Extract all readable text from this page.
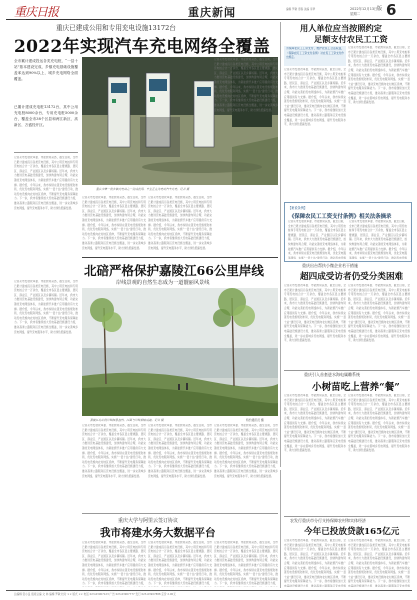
重庆日报	2022年12月13日
星期二
版 6
重庆新闻	编辑 罗敏 谭春 美编 李梦
重庆已建成公用和专用充电设施13172台
2022年实现汽车充电网络全覆盖
全市累计建成投运各类充电桩，“一县十站”基本建设完成，乡镇充电基础设施覆盖率达到90%以上，城乡充电网络全面覆盖。
已累计建成充电桩13172台，其中公用充电桩8000余台，专用充电桩5000余台，覆盖全市38个区县和两江新区、高新区、万盛经开区。
重庆市第一批乡镇充电站之一建成投用，车主正在为电动汽车充电。记者 摄
记者从市发展改革委、市能源局获悉，截至目前，全市已累计建成投运各类充电设施，其中公用充电桩和专用充电桩合计一万余台，覆盖全市各区县主要道路、居民区、商业区、产业园区以及乡镇场镇。近年来，我市大力推进充电基础设施建设，加快构建布局合理、功能完善的充电网络体系，为新能源汽车推广应用提供有力支撑。据介绍，今年以来，我市持续完善充电设施规划布局，优化充电服务网络，实施“一县十站”建设行动，推动充电设施向农村地区延伸，不断提升充电服务保障能力。下一步，我市将继续加大充电基础设施建设力度，推动高速公路服务区充电设施全覆盖，进一步完善城乡充电网络，提升充电服务水平，助力绿色低碳发展。
记者从市发展改革委、市能源局获悉，截至目前，全市已累计建成投运各类充电设施，其中公用充电桩和专用充电桩合计一万余台，覆盖全市各区县主要道路、居民区、商业区、产业园区以及乡镇场镇。近年来，我市大力推进充电基础设施建设，加快构建布局合理、功能完善的充电网络体系，为新能源汽车推广应用提供有力支撑。据介绍，今年以来，我市持续完善充电设施规划布局，优化充电服务网络，实施“一县十站”建设行动，推动充电设施向农村地区延伸，不断提升充电服务保障能力。下一步，我市将继续加大充电基础设施建设力度，推动高速公路服务区充电设施全覆盖，进一步完善城乡充电网络，提升充电服务水平，助力绿色低碳发展。
记者从市发展改革委、市能源局获悉，截至目前，全市已累计建成投运各类充电设施，其中公用充电桩和专用充电桩合计一万余台，覆盖全市各区县主要道路、居民区、商业区、产业园区以及乡镇场镇。近年来，我市大力推进充电基础设施建设，加快构建布局合理、功能完善的充电网络体系，为新能源汽车推广应用提供有力支撑。据介绍，今年以来，我市持续完善充电设施规划布局，优化充电服务网络，实施“一县十站”建设行动，推动充电设施向农村地区延伸，不断提升充电服务保障能力。下一步，我市将继续加大充电基础设施建设力度，推动高速公路服务区充电设施全覆盖，进一步完善城乡充电网络，提升充电服务水平，助力绿色低碳发展。
记者从市发展改革委、市能源局获悉，截至目前，全市已累计建成投运各类充电设施，其中公用充电桩和专用充电桩合计一万余台，覆盖全市各区县主要道路、居民区、商业区、产业园区以及乡镇场镇。近年来，我市大力推进充电基础设施建设，加快构建布局合理、功能完善的充电网络体系，为新能源汽车推广应用提供有力支撑。据介绍，今年以来，我市持续完善充电设施规划布局，优化充电服务网络，实施“一县十站”建设行动，推动充电设施向农村地区延伸，不断提升充电服务保障能力。下一步，我市将继续加大充电基础设施建设力度，推动高速公路服务区充电设施全覆盖，进一步完善城乡充电网络，提升充电服务水平，助力绿色低碳发展。
记者从市发展改革委、市能源局获悉，截至目前，全市已累计建成投运各类充电设施，其中公用充电桩和专用充电桩合计一万余台，覆盖全市各区县主要道路、居民区、商业区、产业园区以及乡镇场镇。近年来，我市大力推进充电基础设施建设，加快构建布局合理、功能完善的充电网络体系，为新能源汽车推广应用提供有力支撑。据介绍，今年以来，我市持续完善充电设施规划布局，优化充电服务网络，实施“一县十站”建设行动，推动充电设施向农村地区延伸，不断提升充电服务保障能力。下一步，我市将继续加大充电基础设施建设力度，推动高速公路服务区充电设施全覆盖，进一步完善城乡充电网络，提升充电服务水平，助力绿色低碳发展。
北碚严格保护嘉陵江66公里岸线
岸线景观的自然生态成为一道靓丽风景线
嘉陵江北碚段岸线绿意盎然，江面与岸线相映成趣。记者 摄	特约通讯员 摄
记者从市发展改革委、市能源局获悉，截至目前，全市已累计建成投运各类充电设施，其中公用充电桩和专用充电桩合计一万余台，覆盖全市各区县主要道路、居民区、商业区、产业园区以及乡镇场镇。近年来，我市大力推进充电基础设施建设，加快构建布局合理、功能完善的充电网络体系，为新能源汽车推广应用提供有力支撑。据介绍，今年以来，我市持续完善充电设施规划布局，优化充电服务网络，实施“一县十站”建设行动，推动充电设施向农村地区延伸，不断提升充电服务保障能力。下一步，我市将继续加大充电基础设施建设力度，推动高速公路服务区充电设施全覆盖，进一步完善城乡充电网络，提升充电服务水平，助力绿色低碳发展。
记者从市发展改革委、市能源局获悉，截至目前，全市已累计建成投运各类充电设施，其中公用充电桩和专用充电桩合计一万余台，覆盖全市各区县主要道路、居民区、商业区、产业园区以及乡镇场镇。近年来，我市大力推进充电基础设施建设，加快构建布局合理、功能完善的充电网络体系，为新能源汽车推广应用提供有力支撑。据介绍，今年以来，我市持续完善充电设施规划布局，优化充电服务网络，实施“一县十站”建设行动，推动充电设施向农村地区延伸，不断提升充电服务保障能力。下一步，我市将继续加大充电基础设施建设力度，推动高速公路服务区充电设施全覆盖，进一步完善城乡充电网络，提升充电服务水平，助力绿色低碳发展。
记者从市发展改革委、市能源局获悉，截至目前，全市已累计建成投运各类充电设施，其中公用充电桩和专用充电桩合计一万余台，覆盖全市各区县主要道路、居民区、商业区、产业园区以及乡镇场镇。近年来，我市大力推进充电基础设施建设，加快构建布局合理、功能完善的充电网络体系，为新能源汽车推广应用提供有力支撑。据介绍，今年以来，我市持续完善充电设施规划布局，优化充电服务网络，实施“一县十站”建设行动，推动充电设施向农村地区延伸，不断提升充电服务保障能力。下一步，我市将继续加大充电基础设施建设力度，推动高速公路服务区充电设施全覆盖，进一步完善城乡充电网络，提升充电服务水平，助力绿色低碳发展。
重庆大学与阿里云签订协议
我市将建水务大数据平台
记者从市发展改革委、市能源局获悉，截至目前，全市已累计建成投运各类充电设施，其中公用充电桩和专用充电桩合计一万余台，覆盖全市各区县主要道路、居民区、商业区、产业园区以及乡镇场镇。近年来，我市大力推进充电基础设施建设，加快构建布局合理、功能完善的充电网络体系，为新能源汽车推广应用提供有力支撑。据介绍，今年以来，我市持续完善充电设施规划布局，优化充电服务网络，实施“一县十站”建设行动，推动充电设施向农村地区延伸，不断提升充电服务保障能力。下一步，我市将继续加大充电基础设施建设力度，
记者从市发展改革委、市能源局获悉，截至目前，全市已累计建成投运各类充电设施，其中公用充电桩和专用充电桩合计一万余台，覆盖全市各区县主要道路、居民区、商业区、产业园区以及乡镇场镇。近年来，我市大力推进充电基础设施建设，加快构建布局合理、功能完善的充电网络体系，为新能源汽车推广应用提供有力支撑。据介绍，今年以来，我市持续完善充电设施规划布局，优化充电服务网络，实施“一县十站”建设行动，推动充电设施向农村地区延伸，不断提升充电服务保障能力。下一步，我市将继续加大充电基础设施建设力度，
记者从市发展改革委、市能源局获悉，截至目前，全市已累计建成投运各类充电设施，其中公用充电桩和专用充电桩合计一万余台，覆盖全市各区县主要道路、居民区、商业区、产业园区以及乡镇场镇。近年来，我市大力推进充电基础设施建设，加快构建布局合理、功能完善的充电网络体系，为新能源汽车推广应用提供有力支撑。据介绍，今年以来，我市持续完善充电设施规划布局，优化充电服务网络，实施“一县十站”建设行动，推动充电设施向农村地区延伸，不断提升充电服务保障能力。下一步，我市将继续加大充电基础设施建设力度，
用人单位应当按照约定
足额支付农民工工资
为保障农民工工资支付，维护农民工合法权益，《保障农民工工资支付条例》对农民工工资支付作出规定。
记者从市发展改革委、市能源局获悉，截至目前，全市已累计建成投运各类充电设施，其中公用充电桩和专用充电桩合计一万余台，覆盖全市各区县主要道路、居民区、商业区、产业园区以及乡镇场镇。近年来，我市大力推进充电基础设施建设，加快构建布局合理、功能完善的充电网络体系，为新能源汽车推广应用提供有力支撑。据介绍，今年以来，我市持续完善充电设施规划布局，优化充电服务网络，实施“一县十站”建设行动，推动充电设施向农村地区延伸，不断提升充电服务保障能力。下一步，我市将继续加大充电基础设施建设力度，推动高速公路服务区充电设施全覆盖，进一步完善城乡充电网络，提升充电服务水平，助力绿色低碳发展。
记者从市发展改革委、市能源局获悉，截至目前，全市已累计建成投运各类充电设施，其中公用充电桩和专用充电桩合计一万余台，覆盖全市各区县主要道路、居民区、商业区、产业园区以及乡镇场镇。近年来，我市大力推进充电基础设施建设，加快构建布局合理、功能完善的充电网络体系，为新能源汽车推广应用提供有力支撑。据介绍，今年以来，我市持续完善充电设施规划布局，优化充电服务网络，实施“一县十站”建设行动，推动充电设施向农村地区延伸，不断提升充电服务保障能力。下一步，我市将继续加大充电基础设施建设力度，推动高速公路服务区充电设施全覆盖，进一步完善城乡充电网络，提升充电服务水平，助力绿色低碳发展。
【案说条例】
《保障农民工工资支付条例》相关法条摘录
记者从市发展改革委、市能源局获悉，截至目前，全市已累计建成投运各类充电设施，其中公用充电桩和专用充电桩合计一万余台，覆盖全市各区县主要道路、居民区、商业区、产业园区以及乡镇场镇。近年来，我市大力推进充电基础设施建设，加快构建布局合理、功能完善的充电网络体系，为新能源汽车推广应用提供有力支撑。据介绍，今年以来，我市持续完善充电设施规划布局，优化充电服务网络，实施“一县十站”建设行动，推动充电设施
记者从市发展改革委、市能源局获悉，截至目前，全市已累计建成投运各类充电设施，其中公用充电桩和专用充电桩合计一万余台，覆盖全市各区县主要道路、居民区、商业区、产业园区以及乡镇场镇。近年来，我市大力推进充电基础设施建设，加快构建布局合理、功能完善的充电网络体系，为新能源汽车推广应用提供有力支撑。据介绍，今年以来，我市持续完善充电设施规划布局，优化充电服务网络，实施“一县十站”建设行动，推动充电设施
重庆出台帮扶小微企业若干措施
超四成受访者仍受分类困难
记者从市发展改革委、市能源局获悉，截至目前，全市已累计建成投运各类充电设施，其中公用充电桩和专用充电桩合计一万余台，覆盖全市各区县主要道路、居民区、商业区、产业园区以及乡镇场镇。近年来，我市大力推进充电基础设施建设，加快构建布局合理、功能完善的充电网络体系，为新能源汽车推广应用提供有力支撑。据介绍，今年以来，我市持续完善充电设施规划布局，优化充电服务网络，实施“一县十站”建设行动，推动充电设施向农村地区延伸，不断提升充电服务保障能力。下一步，我市将继续加大充电基础设施建设力度，推动高速公路服务区充电设施全覆盖，进一步完善城乡充电网络，提升充电服务水平，助力绿色低碳发展。
记者从市发展改革委、市能源局获悉，截至目前，全市已累计建成投运各类充电设施，其中公用充电桩和专用充电桩合计一万余台，覆盖全市各区县主要道路、居民区、商业区、产业园区以及乡镇场镇。近年来，我市大力推进充电基础设施建设，加快构建布局合理、功能完善的充电网络体系，为新能源汽车推广应用提供有力支撑。据介绍，今年以来，我市持续完善充电设施规划布局，优化充电服务网络，实施“一县十站”建设行动，推动充电设施向农村地区延伸，不断提升充电服务保障能力。下一步，我市将继续加大充电基础设施建设力度，推动高速公路服务区充电设施全覆盖，进一步完善城乡充电网络，提升充电服务水平，助力绿色低碳发展。
重庆引入首套进水海电属雕系统
小树苗吃上营养“餐”
记者从市发展改革委、市能源局获悉，截至目前，全市已累计建成投运各类充电设施，其中公用充电桩和专用充电桩合计一万余台，覆盖全市各区县主要道路、居民区、商业区、产业园区以及乡镇场镇。近年来，我市大力推进充电基础设施建设，加快构建布局合理、功能完善的充电网络体系，为新能源汽车推广应用提供有力支撑。据介绍，今年以来，我市持续完善充电设施规划布局，优化充电服务网络，实施“一县十站”建设行动，推动充电设施向农村地区延伸，不断提升充电服务保障能力。下一步，我市将继续加大充电基础设施建设力度，推动高速公路服务区充电设施全覆盖，进一步完善城乡充电网络，提升充电服务水平，助力绿色低碳发展。
记者从市发展改革委、市能源局获悉，截至目前，全市已累计建成投运各类充电设施，其中公用充电桩和专用充电桩合计一万余台，覆盖全市各区县主要道路、居民区、商业区、产业园区以及乡镇场镇。近年来，我市大力推进充电基础设施建设，加快构建布局合理、功能完善的充电网络体系，为新能源汽车推广应用提供有力支撑。据介绍，今年以来，我市持续完善充电设施规划布局，优化充电服务网络，实施“一县十站”建设行动，推动充电设施向农村地区延伸，不断提升充电服务保障能力。下一步，我市将继续加大充电基础设施建设力度，推动高速公路服务区充电设施全覆盖，进一步完善城乡充电网络，提升充电服务水平，助力绿色低碳发展。
农发行重庆市分行支持保障农村和实体经济
今年已投放贷款165亿元
记者从市发展改革委、市能源局获悉，截至目前，全市已累计建成投运各类充电设施，其中公用充电桩和专用充电桩合计一万余台，覆盖全市各区县主要道路、居民区、商业区、产业园区以及乡镇场镇。近年来，我市大力推进充电基础设施建设，加快构建布局合理、功能完善的充电网络体系，为新能源汽车推广应用提供有力支撑。据介绍，今年以来，我市持续完善充电设施规划布局，优化充电服务网络，实施“一县十站”建设行动，推动充电设施向农村地区延伸，不断提升充电服务保障能力。下一步，我市将继续加大充电基础设施建设力度，推动高速公路服务区充电设施
记者从市发展改革委、市能源局获悉，截至目前，全市已累计建成投运各类充电设施，其中公用充电桩和专用充电桩合计一万余台，覆盖全市各区县主要道路、居民区、商业区、产业园区以及乡镇场镇。近年来，我市大力推进充电基础设施建设，加快构建布局合理、功能完善的充电网络体系，为新能源汽车推广应用提供有力支撑。据介绍，今年以来，我市持续完善充电设施规划布局，优化充电服务网络，实施“一县十站”建设行动，推动充电设施向农村地区延伸，不断提升充电服务保障能力。下一步，我市将继续加大充电基础设施建设力度，推动高速公路服务区充电设施
总编辑 张小良 值班总编 文 林 编辑 罗敏 校对 ×× 版式 ×× 电话 023-63907123 广告 023-63907777 发行 023-63907888 定价 2.00元
